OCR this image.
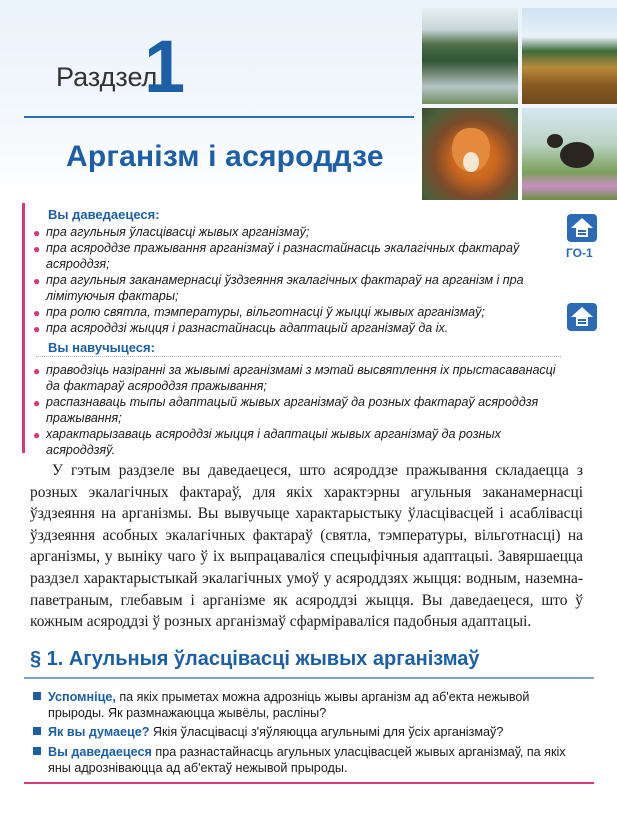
Раздзел
1
Арганізм і асяроддзе
ГО-1
Вы даведаецеся:
● пра агульныя ўласцівасці жывых арганізмаў;
● пра асяроддзе пражывання арганізмаў і разнастайнасць экалагічных фактараў асяроддзя;
● пра агульныя заканамернасці ўздзеяння экалагічных фактараў на арганізм і пра лімітуючыя фактары;
● пра ролю святла, тэмпературы, вільготнасці ў жыцці жывых арганізмаў;
● пра асяроддзі жыцця і разнастайнасць адаптацый арганізмаў да іх.
Вы навучыцеся:
● праводзіць назіранні за жывымі арганізмамі з мэтай высвятлення іх прыстасаванасці да фактараў асяроддзя пражывання;
● распазнаваць тыпы адаптацый жывых арганізмаў да розных фактараў асяроддзя пражывання;
● характарызаваць асяроддзі жыцця і адаптацыі жывых арганізмаў да розных асяроддзяў.
У гэтым раздзеле вы даведаецеся, што асяроддзе пражывання складаецца з розных экалагічных фактараў, для якіх характэрны агульныя заканамернасці ўздзеяння на арганізмы. Вы вывучыце характарыстыку ўласцівасцей і асаблівасці ўздзеяння асобных экалагічных фактараў (святла, тэмпературы, вільготнасці) на арганізмы, у выніку чаго ў іх выпрацаваліся спецыфічныя адаптацыі. Завяршаецца раздзел характарыстыкай экалагічных умоў у асяроддзях жыцця: водным, наземна-паветраным, глебавым і арганізме як асяроддзі жыцця. Вы даведаецеся, што ў кожным асяроддзі ў розных арганізмаў сфарміраваліся падобныя адаптацыі.
§ 1. Агульныя ўласцівасці жывых арганізмаў
Успомніце, па якіх прыметах можна адрозніць жывы арганізм ад аб'екта нежывой прыроды. Як размнажаюцца жывёлы, расліны?
Як вы думаеце? Якія ўласцівасці з'яўляюцца агульнымі для ўсіх арганізмаў?
Вы даведаецеся пра разнастайнасць агульных уласцівасцей жывых арганізмаў, па якіх яны адрозніваюцца ад аб'ектаў нежывой прыроды.
